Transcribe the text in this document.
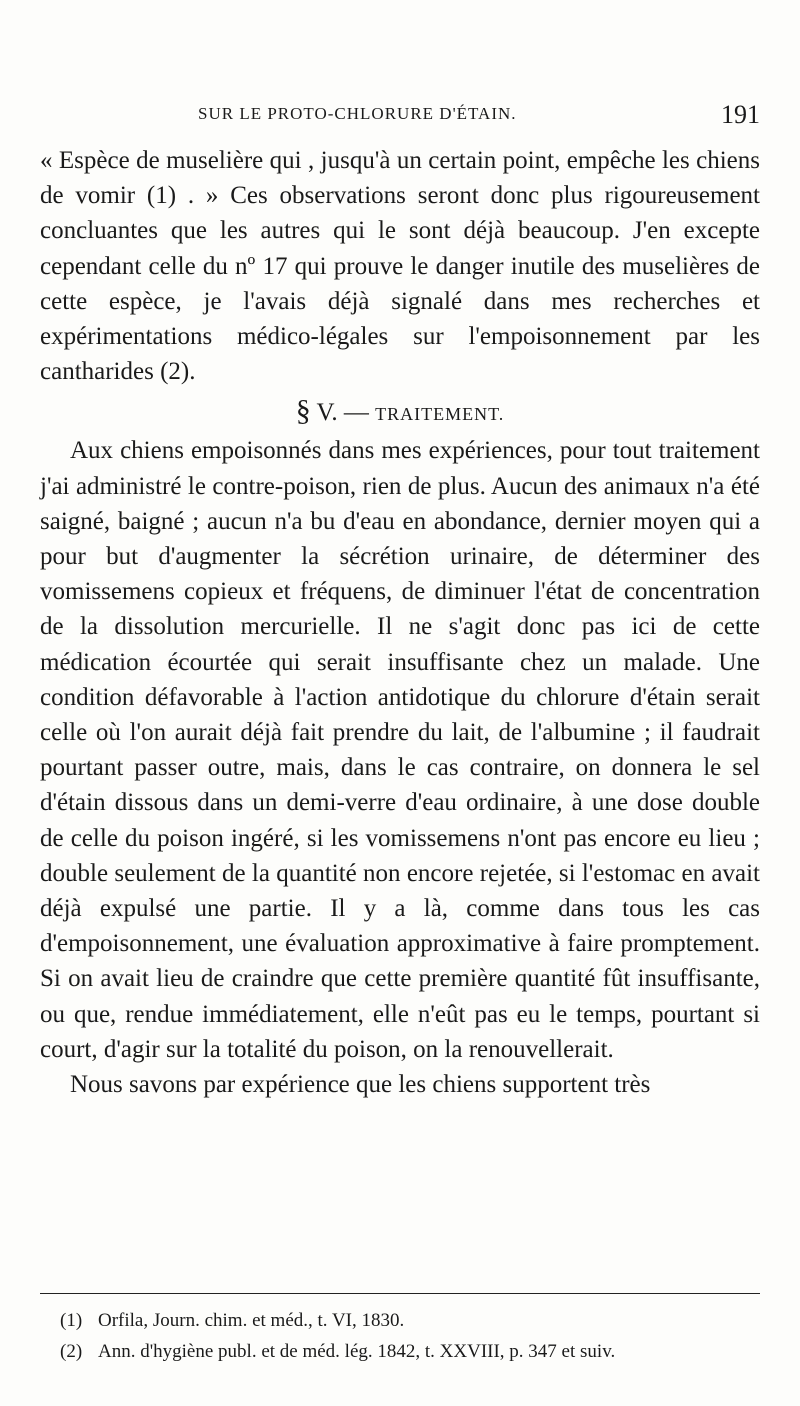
SUR LE PROTO-CHLORURE D'ÉTAIN.	191

« Espèce de muselière qui , jusqu'à un certain point, empêche les chiens de vomir (1) . » Ces observations seront donc plus rigoureusement concluantes que les autres qui le sont déjà beaucoup. J'en excepte cependant celle du nº 17 qui prouve le danger inutile des muselières de cette espèce, je l'avais déjà signalé dans mes recherches et expérimentations médico-légales sur l'empoisonnement par les cantharides (2).

§ V. — TRAITEMENT.

Aux chiens empoisonnés dans mes expériences, pour tout traitement j'ai administré le contre-poison, rien de plus. Aucun des animaux n'a été saigné, baigné ; aucun n'a bu d'eau en abondance, dernier moyen qui a pour but d'augmenter la sécrétion urinaire, de déterminer des vomissemens copieux et fréquens, de diminuer l'état de concentration de la dissolution mercurielle. Il ne s'agit donc pas ici de cette médication écourtée qui serait insuffisante chez un malade. Une condition défavorable à l'action antidotique du chlorure d'étain serait celle où l'on aurait déjà fait prendre du lait, de l'albumine ; il faudrait pourtant passer outre, mais, dans le cas contraire, on donnera le sel d'étain dissous dans un demi-verre d'eau ordinaire, à une dose double de celle du poison ingéré, si les vomissemens n'ont pas encore eu lieu ; double seulement de la quantité non encore rejetée, si l'estomac en avait déjà expulsé une partie. Il y a là, comme dans tous les cas d'empoisonnement, une évaluation approximative à faire promptement. Si on avait lieu de craindre que cette première quantité fût insuffisante, ou que, rendue immédiatement, elle n'eût pas eu le temps, pourtant si court, d'agir sur la totalité du poison, on la renouvellerait.

Nous savons par expérience que les chiens supportent très

(1) Orfila, Journ. chim. et méd., t. VI, 1830.
(2) Ann. d'hygiène publ. et de méd. lég. 1842, t. XXVIII, p. 347 et suiv.
